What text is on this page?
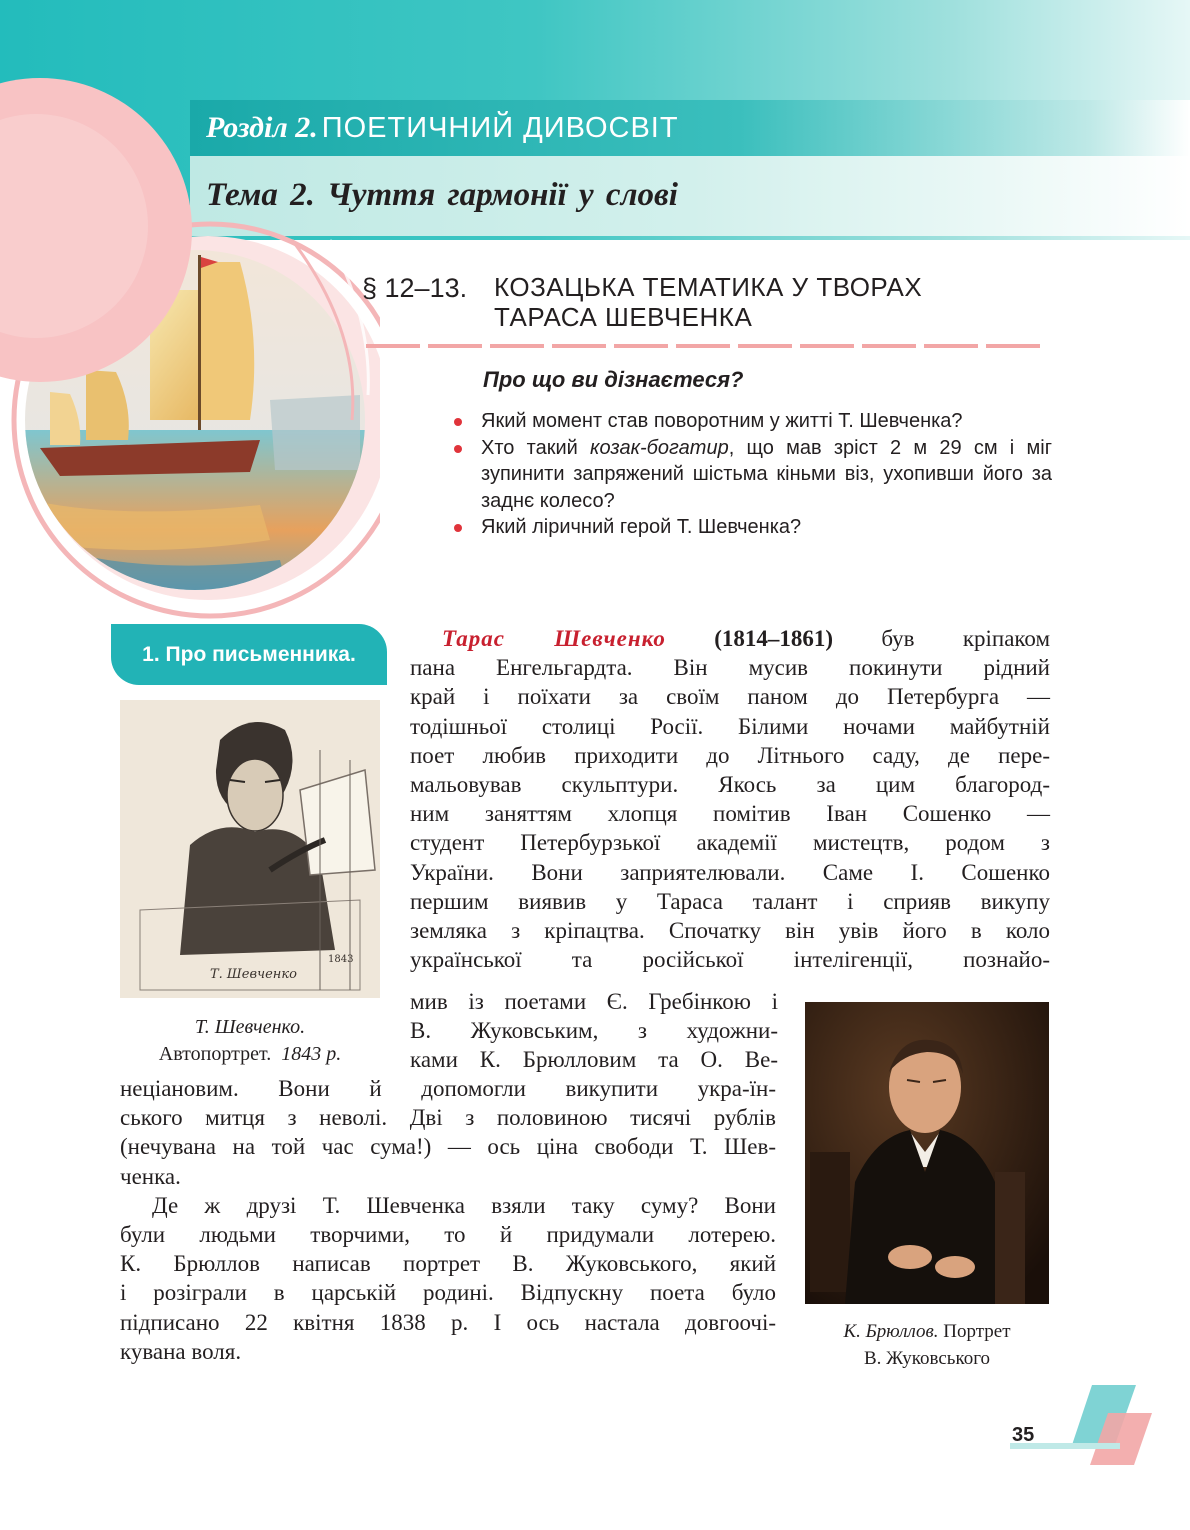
Розділ 2. ПОЕТИЧНИЙ ДИВОСВІТ
Тема 2. Чуття гармонії у слові
§ 12–13. КОЗАЦЬКА ТЕМАТИКА У ТВОРАХ
ТАРАСА ШЕВЧЕНКА
Про що ви дізнаєтеся?
Який момент став поворотним у житті Т. Шевченка?
Хто такий козак-богатир, що мав зріст 2 м 29 см і міг зупинити запряжений шістьма кіньми віз, ухопивши його за заднє колесо?
Який ліричний герой Т. Шевченка?
1. Про письменника.
Т. Шевченко
1843
Т. Шевченко.
Автопортрет. 1843 р.
К. Брюллов. Портрет
В. Жуковського
Тарас Шевченко (1814–1861) був кріпаком
пана Енгельгардта. Він мусив покинути рідний
край і поїхати за своїм паном до Петербурга —
тодішньої столиці Росії. Білими ночами майбутній
поет любив приходити до Літнього саду, де пере-
мальовував скульптури. Якось за цим благород-
ним заняттям хлопця помітив Іван Сошенко —
студент Петербурзької академії мистецтв, родом з
України. Вони заприятелювали. Саме І. Сошенко
першим виявив у Тараса талант і сприяв викупу
земляка з кріпацтва. Спочатку він увів його в коло
української та російської інтелігенції, познайо-
мив із поетами Є. Гребінкою і
В. Жуковським, з художни-
ками К. Брюлловим та О. Ве-
неціановим. Вони й допомогли викупити укра-їн-
ського митця з неволі. Дві з половиною тисячі рублів
(нечувана на той час сума!) — ось ціна свободи Т. Шев-
ченка.
Де ж друзі Т. Шевченка взяли таку суму? Вони
були людьми творчими, то й придумали лотерею.
К. Брюллов написав портрет В. Жуковського, який
і розіграли в царській родині. Відпускну поета було
підписано 22 квітня 1838 р. І ось настала довгоочі-
кувана воля.
35
